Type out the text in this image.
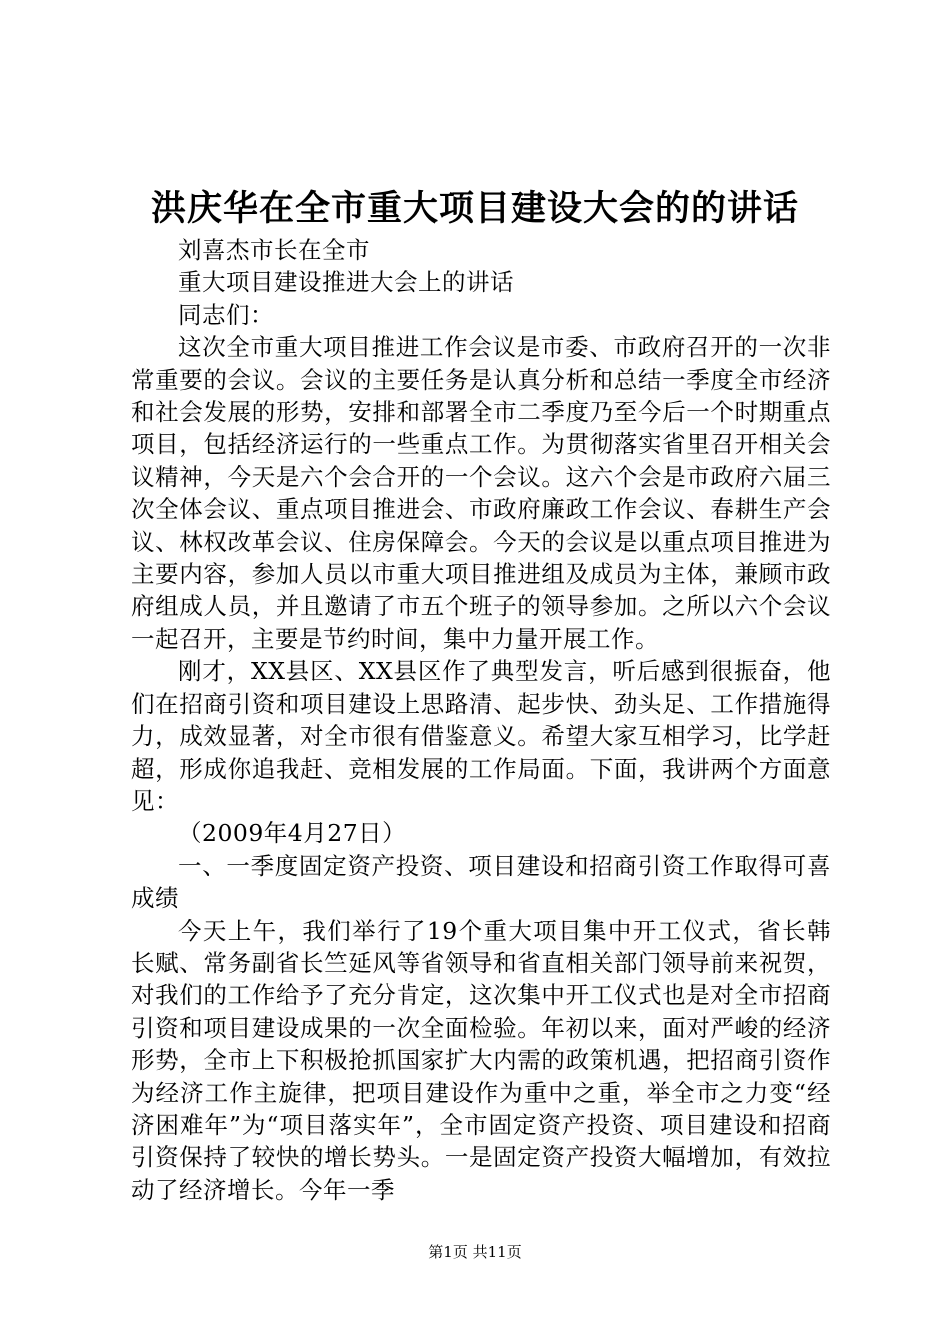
洪庆华在全市重大项目建设大会的的讲话

刘喜杰市长在全市

重大项目建设推进大会上的讲话

同志们：

这次全市重大项目推进工作会议是市委、市政府召开的一次非常重要的会议。会议的主要任务是认真分析和总结一季度全市经济和社会发展的形势，安排和部署全市二季度乃至今后一个时期重点项目，包括经济运行的一些重点工作。为贯彻落实省里召开相关会议精神，今天是六个会合开的一个会议。这六个会是市政府六届三次全体会议、重点项目推进会、市政府廉政工作会议、春耕生产会议、林权改革会议、住房保障会。今天的会议是以重点项目推进为主要内容，参加人员以市重大项目推进组及成员为主体，兼顾市政府组成人员，并且邀请了市五个班子的领导参加。之所以六个会议一起召开，主要是节约时间，集中力量开展工作。

刚才，XX县区、XX县区作了典型发言，听后感到很振奋，他们在招商引资和项目建设上思路清、起步快、劲头足、工作措施得力，成效显著，对全市很有借鉴意义。希望大家互相学习，比学赶超，形成你追我赶、竞相发展的工作局面。下面，我讲两个方面意见：

（2009年4月27日）

一、一季度固定资产投资、项目建设和招商引资工作取得可喜成绩

今天上午，我们举行了19个重大项目集中开工仪式，省长韩长赋、常务副省长竺延风等省领导和省直相关部门领导前来祝贺，对我们的工作给予了充分肯定，这次集中开工仪式也是对全市招商引资和项目建设成果的一次全面检验。年初以来，面对严峻的经济形势，全市上下积极抢抓国家扩大内需的政策机遇，把招商引资作为经济工作主旋律，把项目建设作为重中之重，举全市之力变“经济困难年”为“项目落实年”，全市固定资产投资、项目建设和招商引资保持了较快的增长势头。一是固定资产投资大幅增加，有效拉动了经济增长。今年一季

第1页 共11页
